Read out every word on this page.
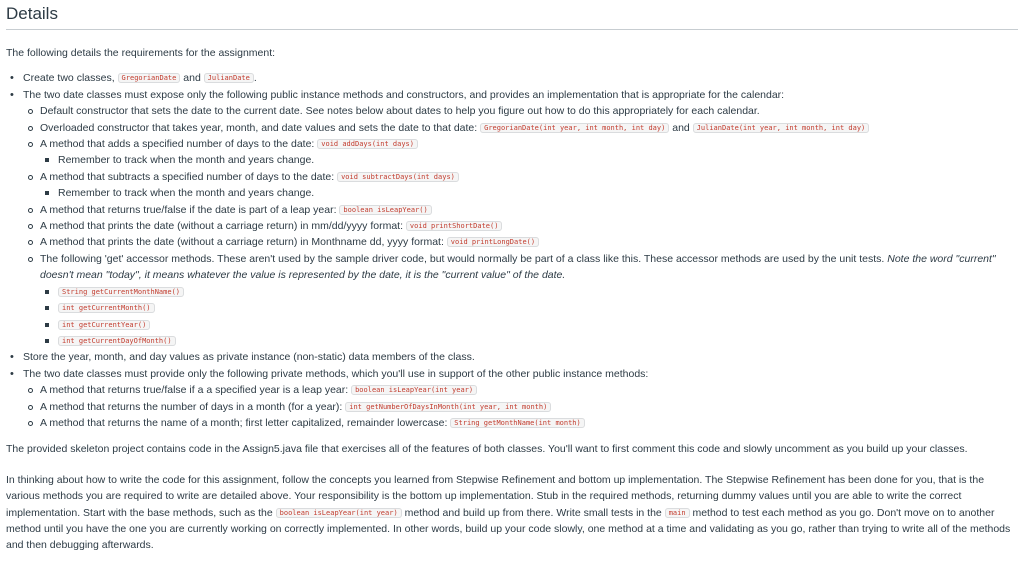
Details

The following details the requirements for the assignment:

• Create two classes, GregorianDate and JulianDate .
• The two date classes must expose only the following public instance methods and constructors, and provides an implementation that is appropriate for the calendar:
Default constructor that sets the date to the current date. See notes below about dates to help you figure out how to do this appropriately for each calendar.
Overloaded constructor that takes year, month, and date values and sets the date to that date: GregorianDate(int year, int month, int day) and JulianDate(int year, int month, int day)
A method that adds a specified number of days to the date: void addDays(int days)
Remember to track when the month and years change.
A method that subtracts a specified number of days to the date: void subtractDays(int days)
Remember to track when the month and years change.
A method that returns true/false if the date is part of a leap year: boolean isLeapYear()
A method that prints the date (without a carriage return) in mm/dd/yyyy format: void printShortDate()
A method that prints the date (without a carriage return) in Monthname dd, yyyy format: void printLongDate()
The following 'get' accessor methods. These aren't used by the sample driver code, but would normally be part of a class like this. These accessor methods are used by the unit tests. Note the word "current" doesn't mean "today", it means whatever the value is represented by the date, it is the "current value" of the date.
String getCurrentMonthName()
int getCurrentMonth()
int getCurrentYear()
int getCurrentDayOfMonth()
• Store the year, month, and day values as private instance (non-static) data members of the class.
• The two date classes must provide only the following private methods, which you'll use in support of the other public instance methods:
A method that returns true/false if a a specified year is a leap year: boolean isLeapYear(int year)
A method that returns the number of days in a month (for a year): int getNumberOfDaysInMonth(int year, int month)
A method that returns the name of a month; first letter capitalized, remainder lowercase: String getMonthName(int month)

The provided skeleton project contains code in the Assign5.java file that exercises all of the features of both classes. You'll want to first comment this code and slowly uncomment as you build up your classes.

In thinking about how to write the code for this assignment, follow the concepts you learned from Stepwise Refinement and bottom up implementation. The Stepwise Refinement has been done for you, that is the various methods you are required to write are detailed above. Your responsibility is the bottom up implementation. Stub in the required methods, returning dummy values until you are able to write the correct implementation. Start with the base methods, such as the boolean isLeapYear(int year) method and build up from there. Write small tests in the main method to test each method as you go. Don't move on to another method until you have the one you are currently working on correctly implemented. In other words, build up your code slowly, one method at a time and validating as you go, rather than trying to write all of the methods and then debugging afterwards.
